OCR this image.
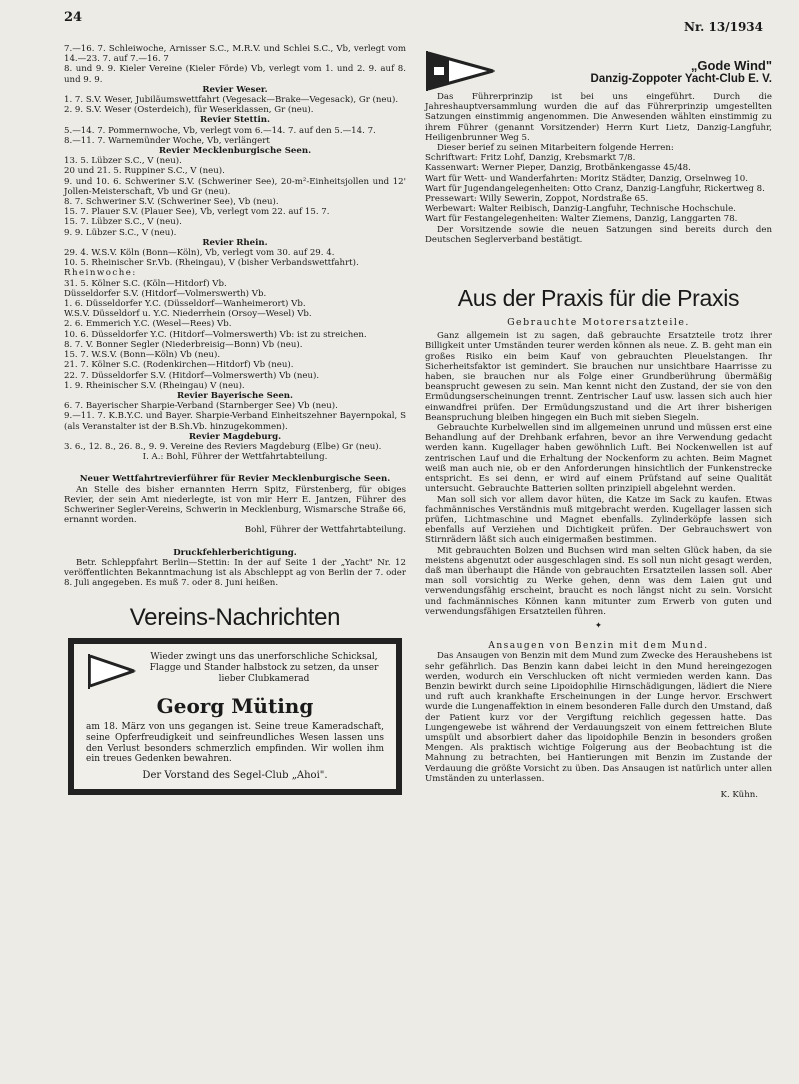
24
Nr. 13/1934

7.—16. 7. Schleiwoche, Arnisser S.C., M.R.V. und Schlei S.C., Vb, verlegt vom 14.—23. 7. auf 7.—16. 7

8. und 9. 9. Kieler Vereine (Kieler Förde) Vb, verlegt vom 1. und 2. 9. auf 8. und 9. 9.

Revier Weser.

1. 7. S.V. Weser, Jubiläumswettfahrt (Vegesack—Brake—Vegesack), Gr (neu).

2. 9. S.V. Weser (Osterdeich), für Weserklassen, Gr (neu).

Revier Stettin.

5.—14. 7. Pommernwoche, Vb, verlegt vom 6.—14. 7. auf den 5.—14. 7.

8.—11. 7. Warnemünder Woche, Vb, verlängert

Revier Mecklenburgische Seen.

13. 5. Lübzer S.C., V (neu).

20 und 21. 5. Ruppiner S.C., V (neu).

9. und 10. 6. Schweriner S.V. (Schweriner See), 20-m²-Einheitsjollen und 12' Jollen-Meisterschaft, Vb und Gr (neu).

8. 7. Schweriner S.V. (Schweriner See), Vb (neu).

15. 7. Plauer S.V. (Plauer See), Vb, verlegt vom 22. auf 15. 7.

15. 7. Lübzer S.C., V (neu).

9. 9. Lübzer S.C., V (neu).

Revier Rhein.

29. 4. W.S.V. Köln (Bonn—Köln), Vb, verlegt vom 30. auf 29. 4.

10. 5. Rheinischer Sr.Vb. (Rheingau), V (bisher Verbandswettfahrt).

Rheinwoche:

31. 5. Kölner S.C. (Köln—Hitdorf) Vb.

Düsseldorfer S.V. (Hitdorf—Volmerswerth) Vb.

1. 6. Düsseldorfer Y.C. (Düsseldorf—Wanheimerort) Vb.

W.S.V. Düsseldorf u. Y.C. Niederrhein (Orsoy—Wesel) Vb.

2. 6. Emmerich Y.C. (Wesel—Rees) Vb.

10. 6. Düsseldorfer Y.C. (Hitdorf—Volmerswerth) Vb: ist zu streichen.

8. 7. V. Bonner Segler (Niederbreisig—Bonn) Vb (neu).

15. 7. W.S.V. (Bonn—Köln) Vb (neu).

21. 7. Kölner S.C. (Rodenkirchen—Hitdorf) Vb (neu).

22. 7. Düsseldorfer S.V. (Hitdorf—Volmerswerth) Vb (neu).

1. 9. Rheinischer S.V. (Rheingau) V (neu).

Revier Bayerische Seen.

6. 7. Bayerischer Sharpie-Verband (Starnberger See) Vb (neu).

9.—11. 7. K.B.Y.C. und Bayer. Sharpie-Verband Einheitszehner Bayernpokal, S (als Veranstalter ist der B.Sh.Vb. hinzugekommen).

Revier Magdeburg.

3. 6., 12. 8., 26. 8., 9. 9. Vereine des Reviers Magdeburg (Elbe) Gr (neu).

I. A.: Bohl, Führer der Wettfahrtabteilung.

Neuer Wettfahrtrevierführer für Revier Mecklenburgische Seen.

An Stelle des bisher ernannten Herrn Spitz, Fürstenberg, für obiges Revier, der sein Amt niederlegte, ist von mir Herr E. Jantzen, Führer des Schweriner Segler-Vereins, Schwerin in Mecklenburg, Wismarsche Straße 66, ernannt worden.

Bohl, Führer der Wettfahrtabteilung.

Druckfehlerberichtigung.

Betr. Schleppfahrt Berlin—Stettin: In der auf Seite 1 der „Yacht" Nr. 12 veröffentlichten Bekanntmachung ist als Abschleppt ag von Berlin der 7. oder 8. Juli angegeben. Es muß 7. oder 8. Juni heißen.

Vereins-Nachrichten

Wieder zwingt uns das unerforschliche Schicksal, Flagge und Stander halbstock zu setzen, da unser lieber Clubkamerad

Georg Müting

am 18. März von uns gegangen ist. Seine treue Kameradschaft, seine Opferfreudigkeit und seinfreundliches Wesen lassen uns den Verlust besonders schmerzlich empfinden. Wir wollen ihm ein treues Gedenken bewahren.

Der Vorstand des Segel-Club „Ahoi".

„Gode Wind"
Danzig-Zoppoter Yacht-Club E. V.

Das Führerprinzip ist bei uns eingeführt. Durch die Jahreshauptversammlung wurden die auf das Führerprinzip umgestellten Satzungen einstimmig angenommen. Die Anwesenden wählten einstimmig zu ihrem Führer (genannt Vorsitzender) Herrn Kurt Lietz, Danzig-Langfuhr, Heiligenbrunner Weg 5.

Dieser berief zu seinen Mitarbeitern folgende Herren:

Schriftwart: Fritz Lohf, Danzig, Krebsmarkt 7/8.

Kassenwart: Werner Pieper, Danzig, Brotbänkengasse 45/48.

Wart für Wett- und Wanderfahrten: Moritz Städter, Danzig, Orselnweg 10.

Wart für Jugendangelegenheiten: Otto Cranz, Danzig-Langfuhr, Rickertweg 8.

Pressewart: Willy Sewerin, Zoppot, Nordstraße 65.

Werbewart: Walter Reibisch, Danzig-Langfuhr, Technische Hochschule.

Wart für Festangelegenheiten: Walter Ziemens, Danzig, Langgarten 78.

Der Vorsitzende sowie die neuen Satzungen sind bereits durch den Deutschen Seglerverband bestätigt.

Aus der Praxis für die Praxis

Gebrauchte Motorersatzteile.

Ganz allgemein ist zu sagen, daß gebrauchte Ersatzteile trotz ihrer Billigkeit unter Umständen teurer werden können als neue. Z. B. geht man ein großes Risiko ein beim Kauf von gebrauchten Pleuelstangen. Ihr Sicherheitsfaktor ist gemindert. Sie brauchen nur unsichtbare Haarrisse zu haben, sie brauchen nur als Folge einer Grundberührung übermäßig beansprucht gewesen zu sein. Man kennt nicht den Zustand, der sie von den Ermüdungserscheinungen trennt. Zentrischer Lauf usw. lassen sich auch hier einwandfrei prüfen. Der Ermüdungszustand und die Art ihrer bisherigen Beanspruchung bleiben hingegen ein Buch mit sieben Siegeln.

Gebrauchte Kurbelwellen sind im allgemeinen unrund und müssen erst eine Behandlung auf der Drehbank erfahren, bevor an ihre Verwendung gedacht werden kann. Kugellager haben gewöhnlich Luft. Bei Nockenwellen ist auf zentrischen Lauf und die Erhaltung der Nockenform zu achten. Beim Magnet weiß man auch nie, ob er den Anforderungen hinsichtlich der Funkenstrecke entspricht. Es sei denn, er wird auf einem Prüfstand auf seine Qualität untersucht. Gebrauchte Batterien sollten prinzipiell abgelehnt werden.

Man soll sich vor allem davor hüten, die Katze im Sack zu kaufen. Etwas fachmännisches Verständnis muß mitgebracht werden. Kugellager lassen sich prüfen, Lichtmaschine und Magnet ebenfalls. Zylinderköpfe lassen sich ebenfalls auf Verziehen und Dichtigkeit prüfen. Der Gebrauchswert von Stirnrädern läßt sich auch einigermaßen bestimmen.

Mit gebrauchten Bolzen und Buchsen wird man selten Glück haben, da sie meistens abgenutzt oder ausgeschlagen sind. Es soll nun nicht gesagt werden, daß man überhaupt die Hände von gebrauchten Ersatzteilen lassen soll. Aber man soll vorsichtig zu Werke gehen, denn was dem Laien gut und verwendungsfähig erscheint, braucht es noch längst nicht zu sein. Vorsicht und fachmännisches Können kann mitunter zum Erwerb von guten und verwendungsfähigen Ersatzteilen führen.

✦

Ansaugen von Benzin mit dem Mund.

Das Ansaugen von Benzin mit dem Mund zum Zwecke des Heraushebens ist sehr gefährlich. Das Benzin kann dabei leicht in den Mund hereingezogen werden, wodurch ein Verschlucken oft nicht vermieden werden kann. Das Benzin bewirkt durch seine Lipoidophilie Hirnschädigungen, lädiert die Niere und ruft auch krankhafte Erscheinungen in der Lunge hervor. Erschwert wurde die Lungenaffektion in einem besonderen Falle durch den Umstand, daß der Patient kurz vor der Vergiftung reichlich gegessen hatte. Das Lungengewebe ist während der Verdauungszeit von einem fettreichen Blute umspült und absorbiert daher das lipoidophile Benzin in besonders großen Mengen. Als praktisch wichtige Folgerung aus der Beobachtung ist die Mahnung zu betrachten, bei Hantierungen mit Benzin im Zustande der Verdauung die größte Vorsicht zu üben. Das Ansaugen ist natürlich unter allen Umständen zu unterlassen.

K. Kühn.
